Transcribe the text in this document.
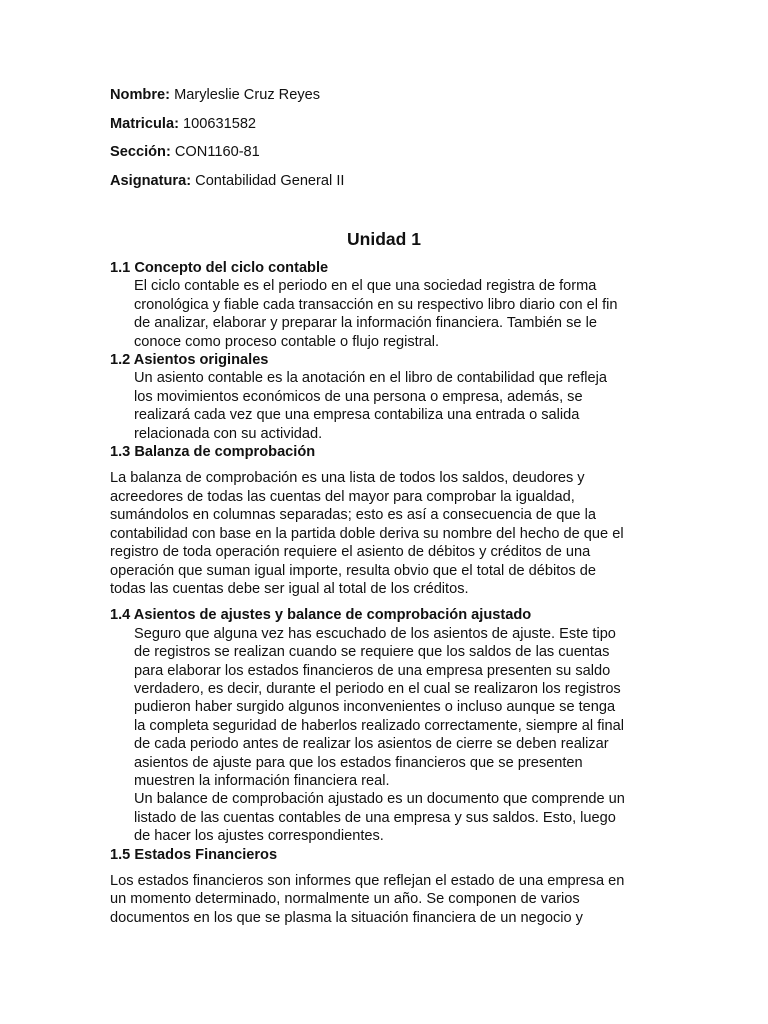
Nombre: Maryleslie Cruz Reyes
Matricula: 100631582
Sección: CON1160-81
Asignatura: Contabilidad General II
Unidad 1
1.1 Concepto del ciclo contable

El ciclo contable es el periodo en el que una sociedad registra de forma

cronológica y fiable cada transacción en su respectivo libro diario con el fin

de analizar, elaborar y preparar la información financiera. También se le

conoce como proceso contable o flujo registral.

1.2 Asientos originales

Un asiento contable es la anotación en el libro de contabilidad que refleja

los movimientos económicos de una persona o empresa, además, se

realizará cada vez que una empresa contabiliza una entrada o salida

relacionada con su actividad.

1.3 Balanza de comprobación

La balanza de comprobación es una lista de todos los saldos, deudores y

acreedores de todas las cuentas del mayor para comprobar la igualdad,

sumándolos en columnas separadas; esto es así a consecuencia de que la

contabilidad con base en la partida doble deriva su nombre del hecho de que el

registro de toda operación requiere el asiento de débitos y créditos de una

operación que suman igual importe, resulta obvio que el total de débitos de

todas las cuentas debe ser igual al total de los créditos.

1.4 Asientos de ajustes y balance de comprobación ajustado

Seguro que alguna vez has escuchado de los asientos de ajuste. Este tipo

de registros se realizan cuando se requiere que los saldos de las cuentas

para elaborar los estados financieros de una empresa presenten su saldo

verdadero, es decir, durante el periodo en el cual se realizaron los registros

pudieron haber surgido algunos inconvenientes o incluso aunque se tenga

la completa seguridad de haberlos realizado correctamente, siempre al final

de cada periodo antes de realizar los asientos de cierre se deben realizar

asientos de ajuste para que los estados financieros que se presenten

muestren la información financiera real.

Un balance de comprobación ajustado es un documento que comprende un

listado de las cuentas contables de una empresa y sus saldos. Esto, luego

de hacer los ajustes correspondientes.

1.5 Estados Financieros

Los estados financieros son informes que reflejan el estado de una empresa en

un momento determinado, normalmente un año. Se componen de varios

documentos en los que se plasma la situación financiera de un negocio y
